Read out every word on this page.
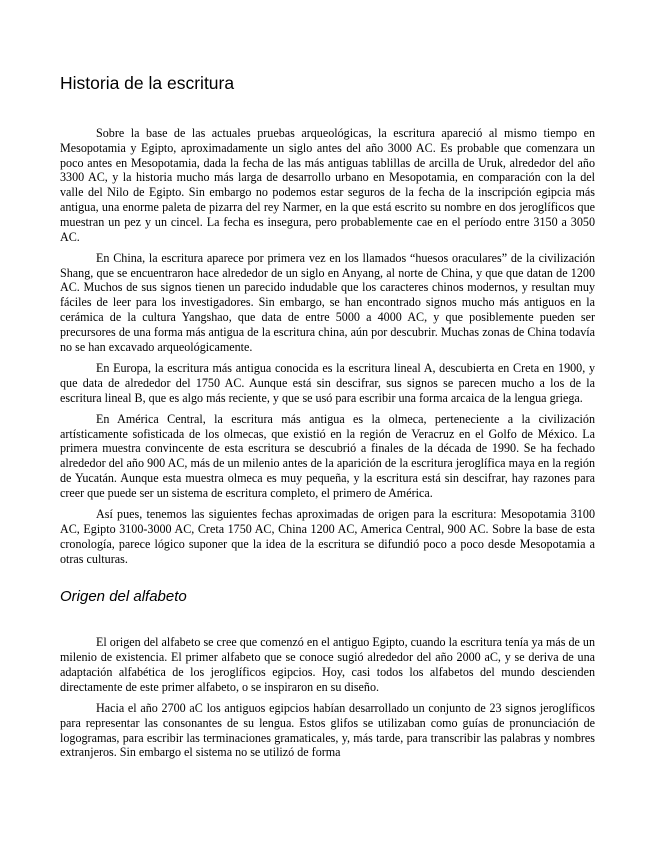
Historia de la escritura

Sobre la base de las actuales pruebas arqueológicas, la escritura apareció al mismo tiempo en Mesopotamia y Egipto, aproximadamente un siglo antes del año 3000 AC. Es probable que comenzara un poco antes en Mesopotamia, dada la fecha de las más antiguas tablillas de arcilla de Uruk, alrededor del año 3300 AC, y la historia mucho más larga de desarrollo urbano en Mesopotamia, en comparación con la del valle del Nilo de Egipto. Sin embargo no podemos estar seguros de la fecha de la inscripción egipcia más antigua, una enorme paleta de pizarra del rey Narmer, en la que está escrito su nombre en dos jeroglíficos que muestran un pez y un cincel. La fecha es insegura, pero probablemente cae en el período entre 3150 a 3050 AC.

En China, la escritura aparece por primera vez en los llamados “huesos oraculares” de la civilización Shang, que se encuentraron hace alrededor de un siglo en Anyang, al norte de China, y que que datan de 1200 AC. Muchos de sus signos tienen un parecido indudable que los caracteres chinos modernos, y resultan muy fáciles de leer para los investigadores. Sin embargo, se han encontrado signos mucho más antiguos en la cerámica de la cultura Yangshao, que data de entre 5000 a 4000 AC, y que posiblemente pueden ser precursores de una forma más antigua de la escritura china, aún por descubrir. Muchas zonas de China todavía no se han excavado arqueológicamente.

En Europa, la escritura más antigua conocida es la escritura lineal A, descubierta en Creta en 1900, y que data de alrededor del 1750 AC. Aunque está sin descifrar, sus signos se parecen mucho a los de la escritura lineal B, que es algo más reciente, y que se usó para escribir una forma arcaica de la lengua griega.

En América Central, la escritura más antigua es la olmeca, perteneciente a la civilización artísticamente sofisticada de los olmecas, que existió en la región de Veracruz en el Golfo de México. La primera muestra convincente de esta escritura se descubrió a finales de la década de 1990. Se ha fechado alrededor del año 900 AC, más de un milenio antes de la aparición de la escritura jeroglífica maya en la región de Yucatán. Aunque esta muestra olmeca es muy pequeña, y la escritura está sin descifrar, hay razones para creer que puede ser un sistema de escritura completo, el primero de América.

Así pues, tenemos las siguientes fechas aproximadas de origen para la escritura: Mesopotamia 3100 AC, Egipto 3100-3000 AC, Creta 1750 AC, China 1200 AC, America Central, 900 AC. Sobre la base de esta cronología, parece lógico suponer que la idea de la escritura se difundió poco a poco desde Mesopotamia a otras culturas.

Origen del alfabeto

El origen del alfabeto se cree que comenzó en el antiguo Egipto, cuando la escritura tenía ya más de un milenio de existencia. El primer alfabeto que se conoce sugió alrededor del año 2000 aC, y se deriva de una adaptación alfabética de los jeroglíficos egipcios. Hoy, casi todos los alfabetos del mundo descienden directamente de este primer alfabeto, o se inspiraron en su diseño.

Hacia el año 2700 aC los antiguos egipcios habían desarrollado un conjunto de 23 signos jeroglíficos para representar las consonantes de su lengua. Estos glifos se utilizaban como guías de pronunciación de logogramas, para escribir las terminaciones gramaticales, y, más tarde, para transcribir las palabras y nombres extranjeros. Sin embargo el sistema no se utilizó de forma
